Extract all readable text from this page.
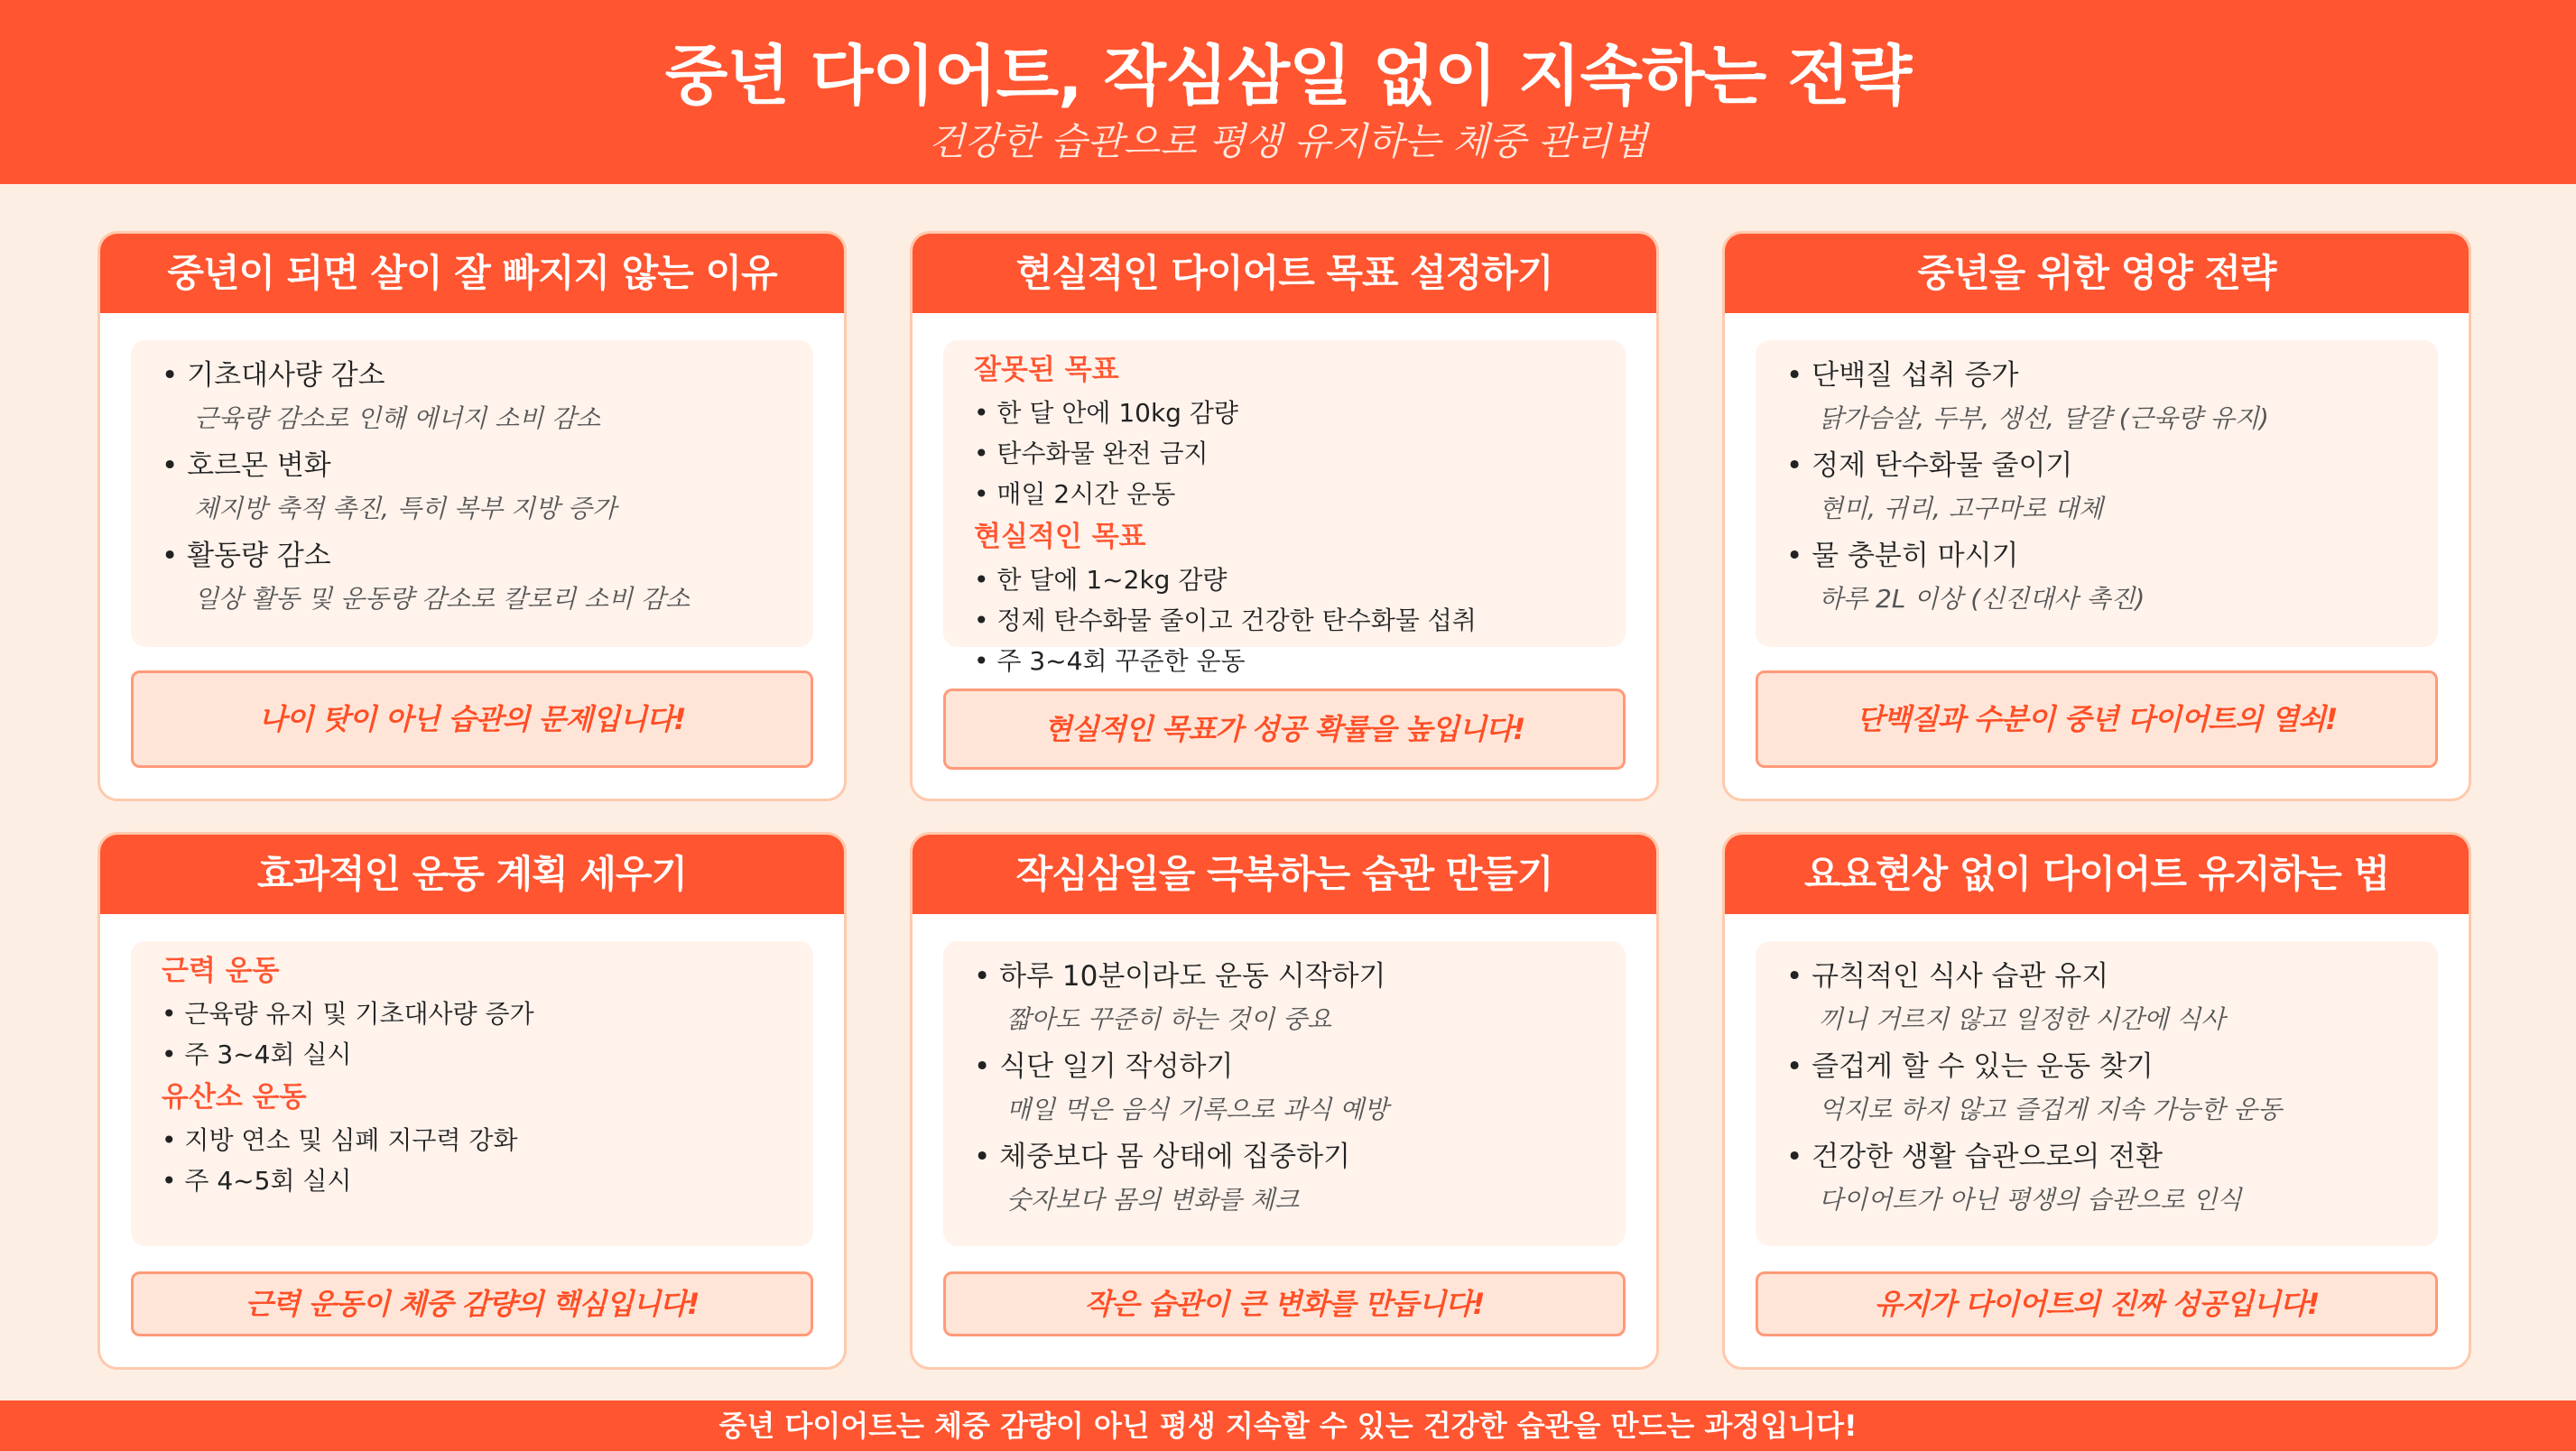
중년 다이어트, 작심삼일 없이 지속하는 전략
건강한 습관으로 평생 유지하는 체중 관리법
중년이 되면 살이 잘 빠지지 않는 이유
• 기초대사량 감소
근육량 감소로 인해 에너지 소비 감소
• 호르몬 변화
체지방 축적 촉진, 특히 복부 지방 증가
• 활동량 감소
일상 활동 및 운동량 감소로 칼로리 소비 감소
나이 탓이 아닌 습관의 문제입니다!
현실적인 다이어트 목표 설정하기
잘못된 목표
• 한 달 안에 10kg 감량
• 탄수화물 완전 금지
• 매일 2시간 운동
현실적인 목표
• 한 달에 1~2kg 감량
• 정제 탄수화물 줄이고 건강한 탄수화물 섭취
• 주 3~4회 꾸준한 운동
현실적인 목표가 성공 확률을 높입니다!
중년을 위한 영양 전략
• 단백질 섭취 증가
닭가슴살, 두부, 생선, 달걀 (근육량 유지)
• 정제 탄수화물 줄이기
현미, 귀리, 고구마로 대체
• 물 충분히 마시기
하루 2L 이상 (신진대사 촉진)
단백질과 수분이 중년 다이어트의 열쇠!
효과적인 운동 계획 세우기
근력 운동
• 근육량 유지 및 기초대사량 증가
• 주 3~4회 실시
유산소 운동
• 지방 연소 및 심폐 지구력 강화
• 주 4~5회 실시
근력 운동이 체중 감량의 핵심입니다!
작심삼일을 극복하는 습관 만들기
• 하루 10분이라도 운동 시작하기
짧아도 꾸준히 하는 것이 중요
• 식단 일기 작성하기
매일 먹은 음식 기록으로 과식 예방
• 체중보다 몸 상태에 집중하기
숫자보다 몸의 변화를 체크
작은 습관이 큰 변화를 만듭니다!
요요현상 없이 다이어트 유지하는 법
• 규칙적인 식사 습관 유지
끼니 거르지 않고 일정한 시간에 식사
• 즐겁게 할 수 있는 운동 찾기
억지로 하지 않고 즐겁게 지속 가능한 운동
• 건강한 생활 습관으로의 전환
다이어트가 아닌 평생의 습관으로 인식
유지가 다이어트의 진짜 성공입니다!
중년 다이어트는 체중 감량이 아닌 평생 지속할 수 있는 건강한 습관을 만드는 과정입니다!
